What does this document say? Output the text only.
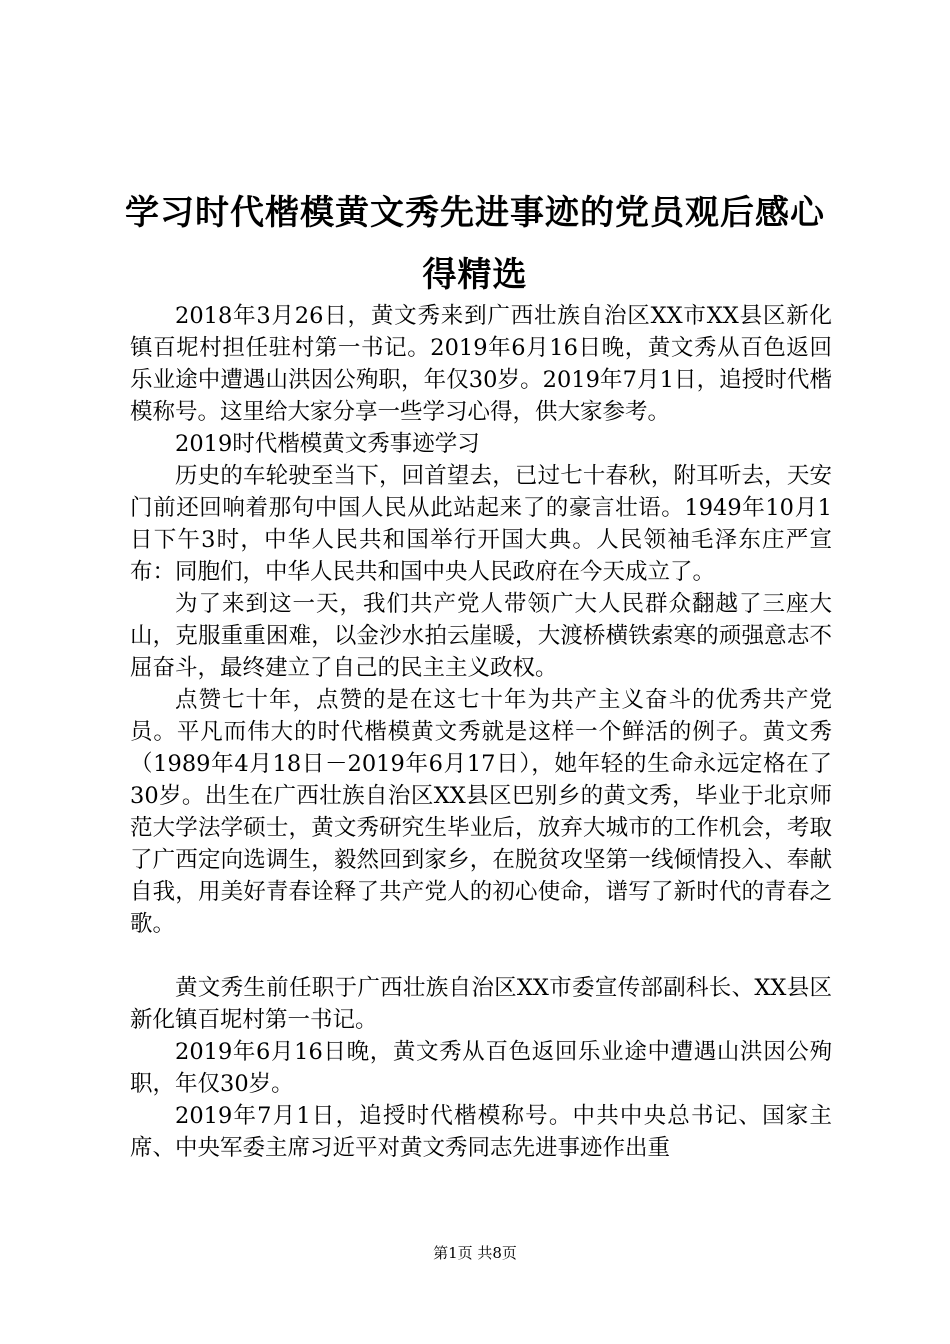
学习时代楷模黄文秀先进事迹的党员观后感心得精选

2018年3月26日，黄文秀来到广西壮族自治区XX市XX县区新化镇百坭村担任驻村第一书记。2019年6月16日晚，黄文秀从百色返回乐业途中遭遇山洪因公殉职，年仅30岁。2019年7月1日，追授时代楷模称号。这里给大家分享一些学习心得，供大家参考。

2019时代楷模黄文秀事迹学习

历史的车轮驶至当下，回首望去，已过七十春秋，附耳听去，天安门前还回响着那句中国人民从此站起来了的豪言壮语。1949年10月1日下午3时，中华人民共和国举行开国大典。人民领袖毛泽东庄严宣布：同胞们，中华人民共和国中央人民政府在今天成立了。

为了来到这一天，我们共产党人带领广大人民群众翻越了三座大山，克服重重困难，以金沙水拍云崖暖，大渡桥横铁索寒的顽强意志不屈奋斗，最终建立了自己的民主主义政权。

点赞七十年，点赞的是在这七十年为共产主义奋斗的优秀共产党员。平凡而伟大的时代楷模黄文秀就是这样一个鲜活的例子。黄文秀（1989年4月18日－2019年6月17日），她年轻的生命永远定格在了30岁。出生在广西壮族自治区XX县区巴别乡的黄文秀，毕业于北京师范大学法学硕士，黄文秀研究生毕业后，放弃大城市的工作机会，考取了广西定向选调生，毅然回到家乡，在脱贫攻坚第一线倾情投入、奉献自我，用美好青春诠释了共产党人的初心使命，谱写了新时代的青春之歌。

黄文秀生前任职于广西壮族自治区XX市委宣传部副科长、XX县区新化镇百坭村第一书记。

2019年6月16日晚，黄文秀从百色返回乐业途中遭遇山洪因公殉职，年仅30岁。

2019年7月1日，追授时代楷模称号。中共中央总书记、国家主席、中央军委主席习近平对黄文秀同志先进事迹作出重

第1页 共8页
